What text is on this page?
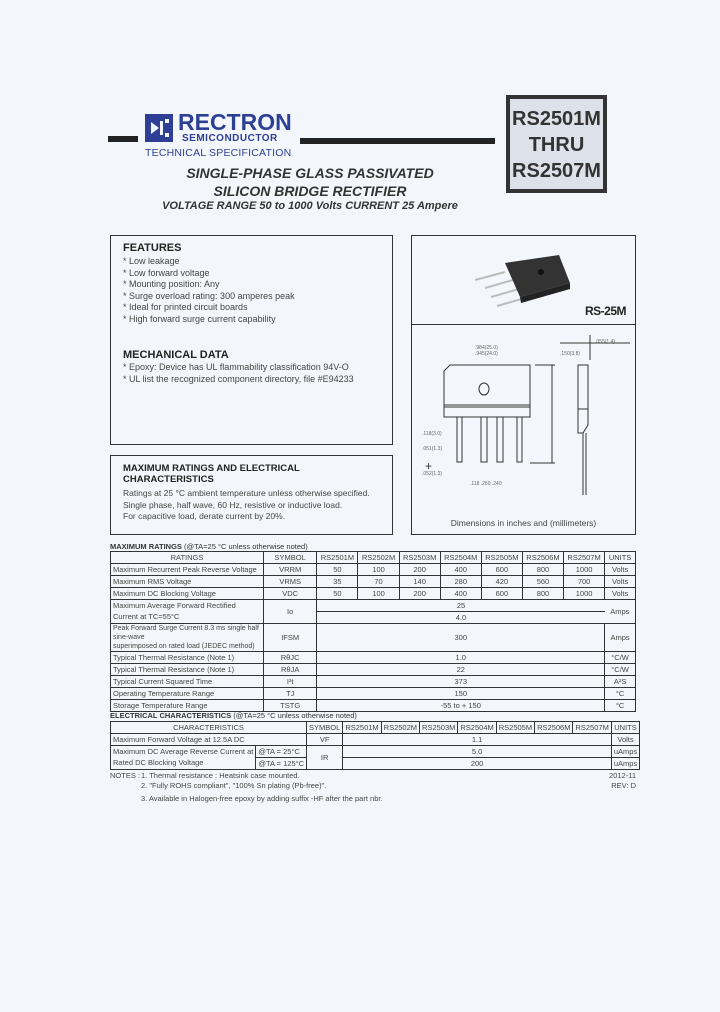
RECTRON
SEMICONDUCTOR
TECHNICAL SPECIFICATION
RS2501M
THRU
RS2507M
SINGLE-PHASE GLASS PASSIVATED
SILICON BRIDGE RECTIFIER
VOLTAGE RANGE 50 to 1000 Volts CURRENT 25 Ampere
FEATURES
* Low leakage
* Low forward voltage
* Mounting position: Any
* Surge overload rating: 300 amperes peak
* Ideal for printed circuit boards
* High forward surge current capability
MECHANICAL DATA
* Epoxy: Device has UL flammability classification 94V-O
* UL list the recognized component directory, file #E94233
MAXIMUM RATINGS AND ELECTRICAL CHARACTERISTICS
Ratings at 25 °C ambient temperature unless otherwise specified.
Single phase, half wave, 60 Hz, resistive or inductive load.
For capacitive load, derate current by 20%.
RS-25M
.984(25.0)
.945(24.0)
.118(3.0)
.051(1.3)
.052(1.3)
.118 .260 .240
.150(3.8)
.055(1.4)
+
Dimensions in inches and (millimeters)
MAXIMUM RATINGS (@TA=25 °C unless otherwise noted)
RATINGS	SYMBOL	RS2501M	RS2502M	RS2503M	RS2504M	RS2505M	RS2506M	RS2507M	UNITS
Maximum Recurrent Peak Reverse Voltage	VRRM	50	100	200	400	600	800	1000	Volts
Maximum RMS Voltage	VRMS	35	70	140	280	420	560	700	Volts
Maximum DC Blocking Voltage	VDC	50	100	200	400	600	800	1000	Volts
Maximum Average Forward Rectified	Io	25							Amps
Current at TC=55°C		4.0							

Peak Forward Surge Current 8.3 ms single half sine-wave
superimposed on rated load (JEDEC method)	IFSM	300							Amps
Typical Thermal Resistance (Note 1)	RθJC	1.0							°C/W
Typical Thermal Resistance (Note 1)	RθJA	22							°C/W
Typical Current Squared Time	I²t	373							A²S
Operating Temperature Range	TJ	150							°C
Storage Temperature Range	TSTG	-55 to + 150							°C
ELECTRICAL CHARACTERISTICS (@TA=25 °C unless otherwise noted)
CHARACTERISTICS		SYMBOL	RS2501M	RS2502M	RS2503M	RS2504M	RS2505M	RS2506M	RS2507M	UNITS
Maximum Forward Voltage at 12.5A DC		VF	1.1							Volts
Maximum DC Average Reverse Current at	@TA = 25°C	IR	5.0							uAmps
Rated DC Blocking Voltage	@TA = 125°C		200							uAmps
NOTES : 1. Thermal resistance : Heatsink case mounted.
2. "Fully ROHS compliant", "100% Sn plating (Pb-free)".
3. Available in Halogen-free epoxy by adding suffix -HF after the part nbr.
2012-11
REV: D
